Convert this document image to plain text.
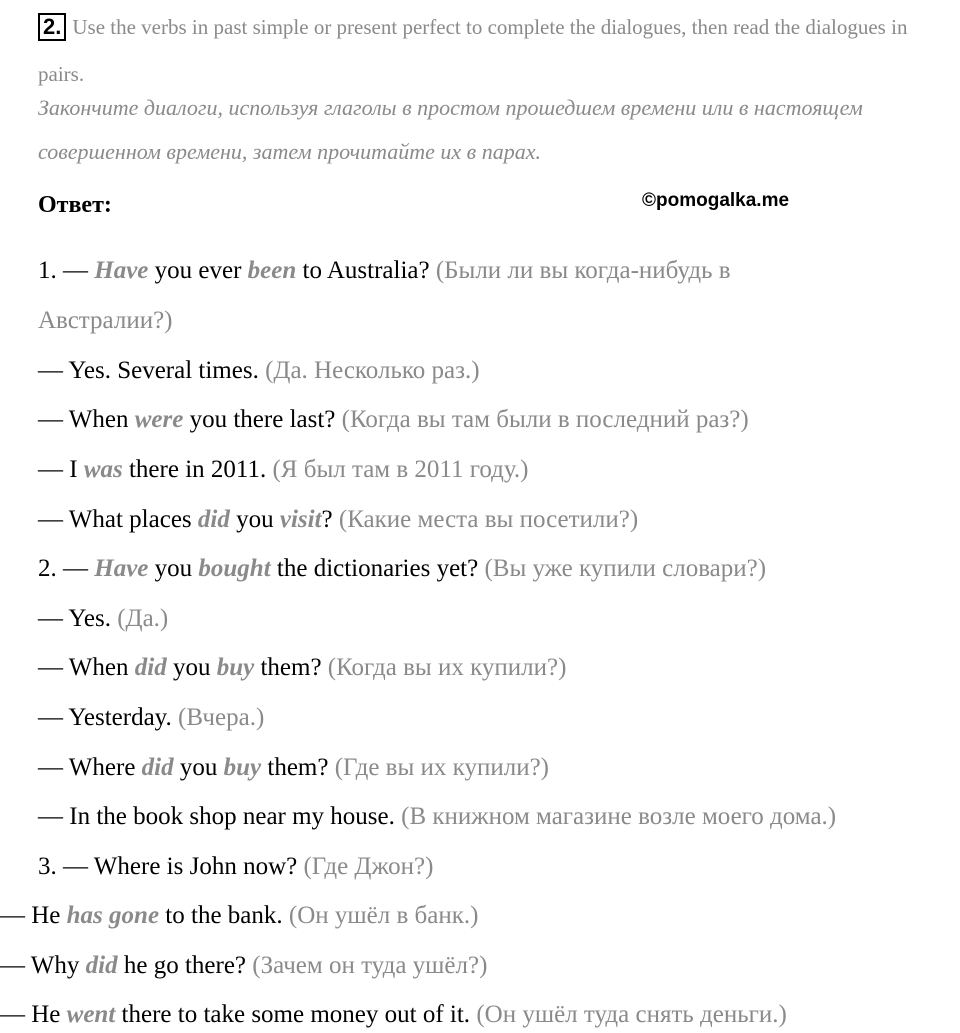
2. Use the verbs in past simple or present perfect to complete the dialogues, then read the dialogues in pairs.
Закончите диалоги, используя глаголы в простом прошедшем времени или в настоящем совершенном времени, затем прочитайте их в парах.
Ответ:	©pomogalka.me
1. — Have you ever been to Australia? (Были ли вы когда-нибудь в
Австралии?)
— Yes. Several times. (Да. Несколько раз.)
— When were you there last? (Когда вы там были в последний раз?)
— I was there in 2011. (Я был там в 2011 году.)
— What places did you visit? (Какие места вы посетили?)
2. — Have you bought the dictionaries yet? (Вы уже купили словари?)
— Yes. (Да.)
— When did you buy them? (Когда вы их купили?)
— Yesterday. (Вчера.)
— Where did you buy them? (Где вы их купили?)
— In the book shop near my house. (В книжном магазине возле моего дома.)
3. — Where is John now? (Где Джон?)
— He has gone to the bank. (Он ушёл в банк.)
— Why did he go there? (Зачем он туда ушёл?)
— He went there to take some money out of it. (Он ушёл туда снять деньги.)
